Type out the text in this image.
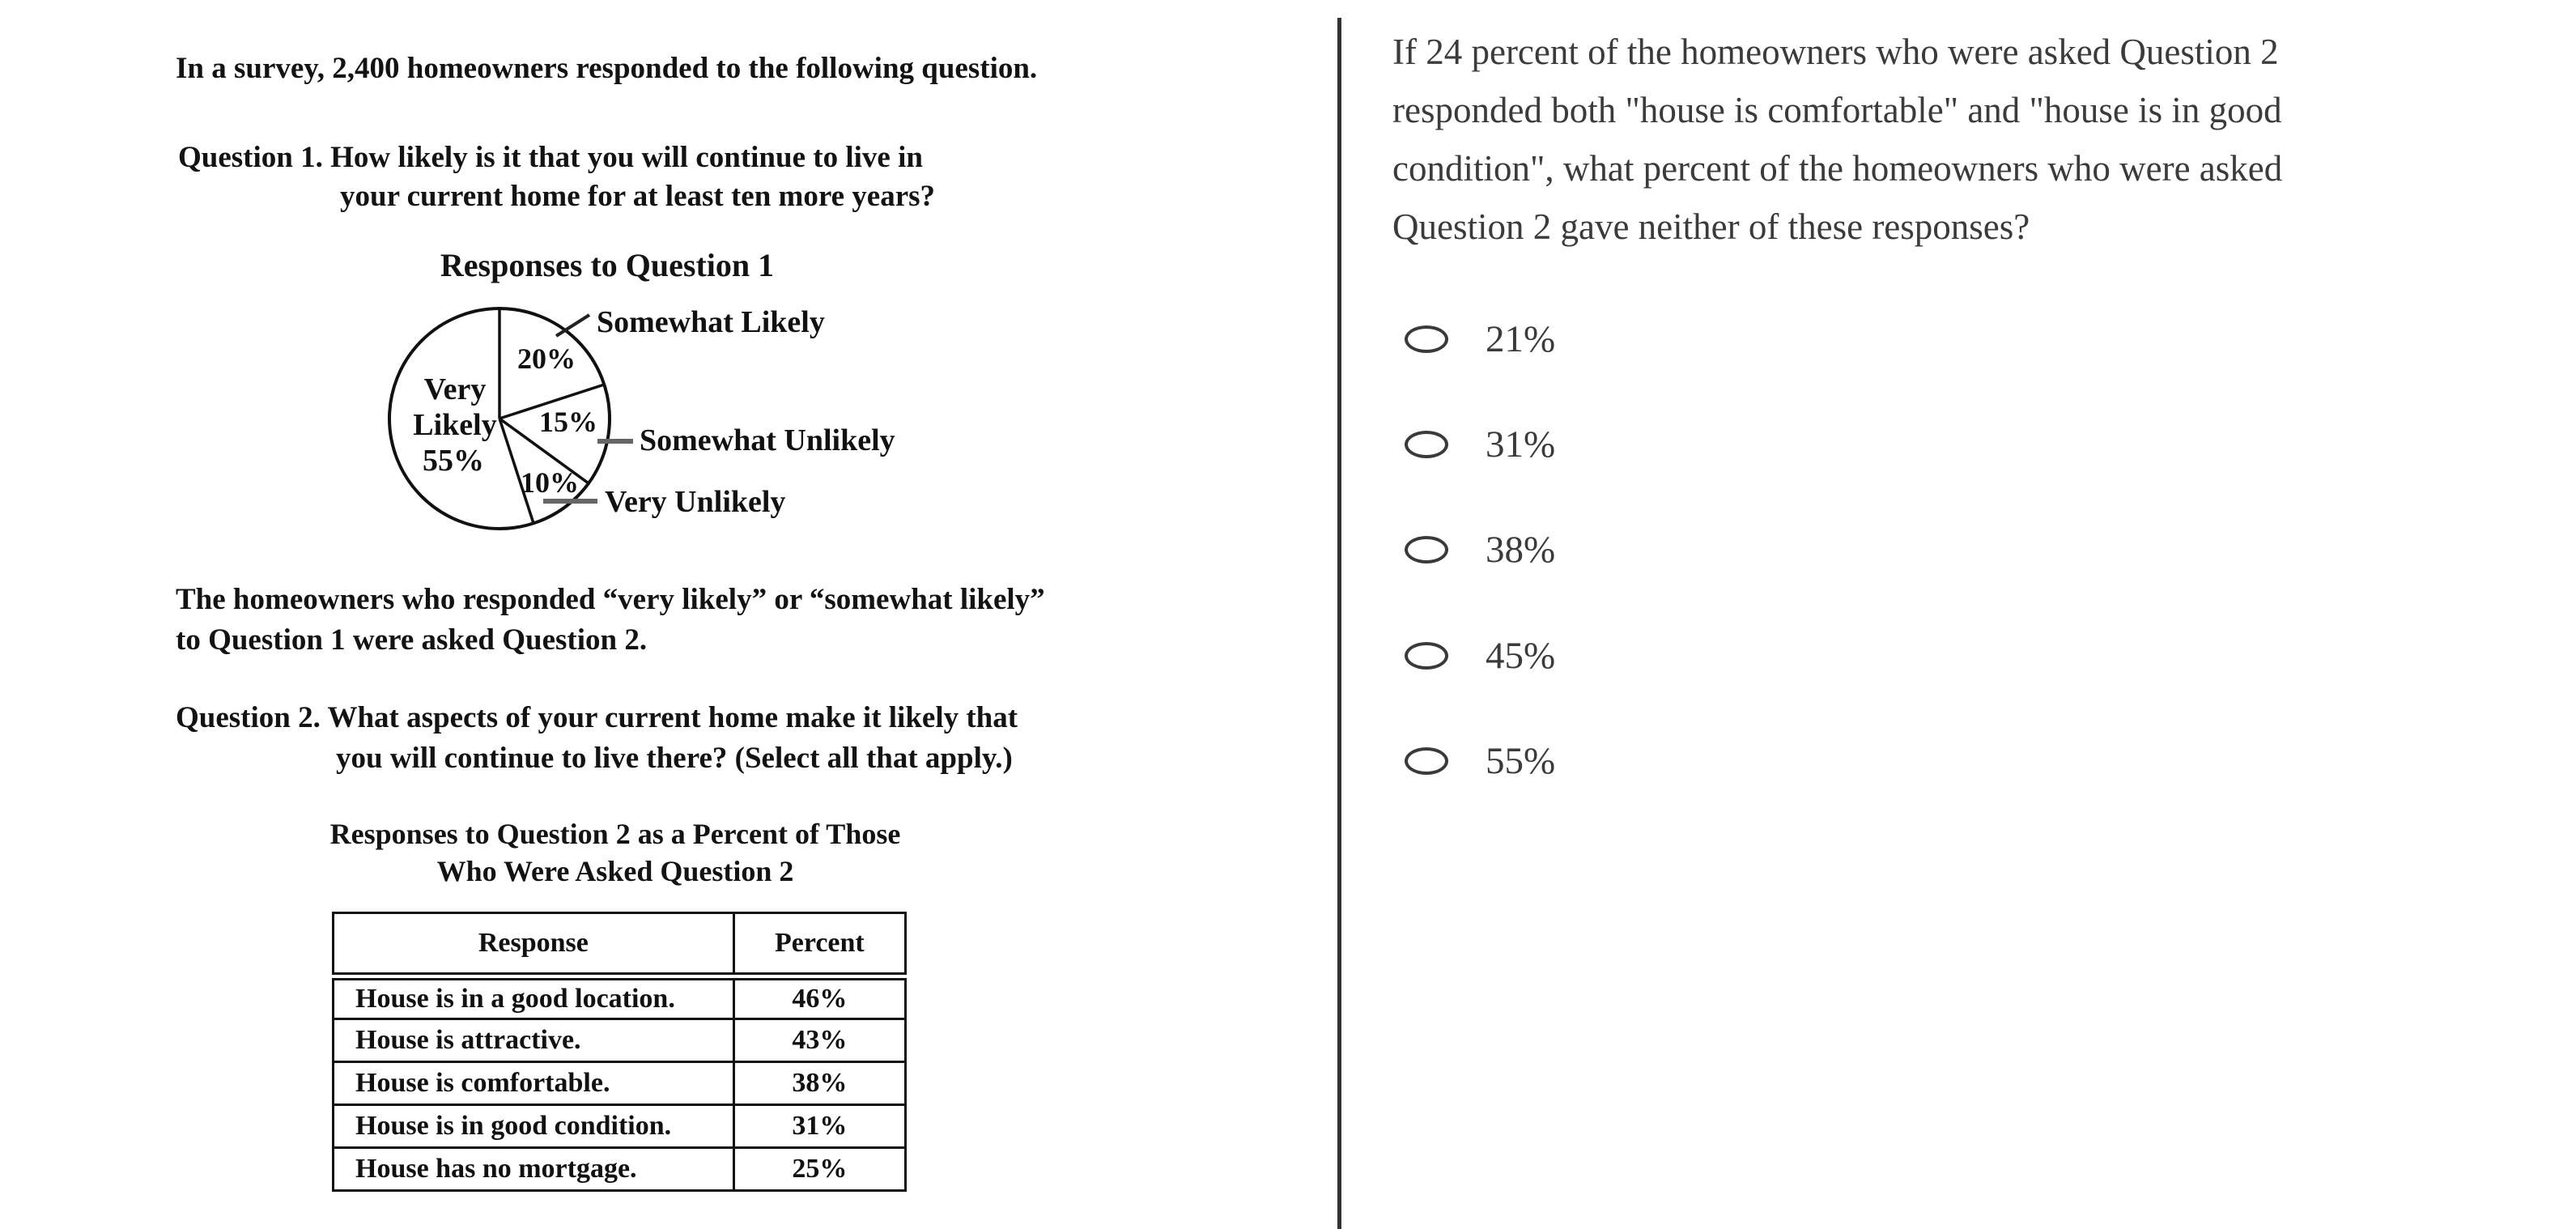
In a survey, 2,400 homeowners responded to the following question.
Question 1. How likely is it that you will continue to live in
your current home for at least ten more years?
Responses to Question 1
20%
15%
10%
Very
Likely
55%
Somewhat Likely
Somewhat Unlikely
Very Unlikely
The homeowners who responded “very likely” or “somewhat likely”
to Question 1 were asked Question 2.
Question 2. What aspects of your current home make it likely that
you will continue to live there? (Select all that apply.)
Responses to Question 2 as a Percent of Those
Who Were Asked Question 2
Response	Percent
House is in a good location.	46%
House is attractive.	43%
House is comfortable.	38%
House is in good condition.	31%
House has no mortgage.	25%
If 24 percent of the homeowners who were asked Question 2
responded both "house is comfortable" and "house is in good
condition", what percent of the homeowners who were asked
Question 2 gave neither of these responses?
21%
31%
38%
45%
55%
